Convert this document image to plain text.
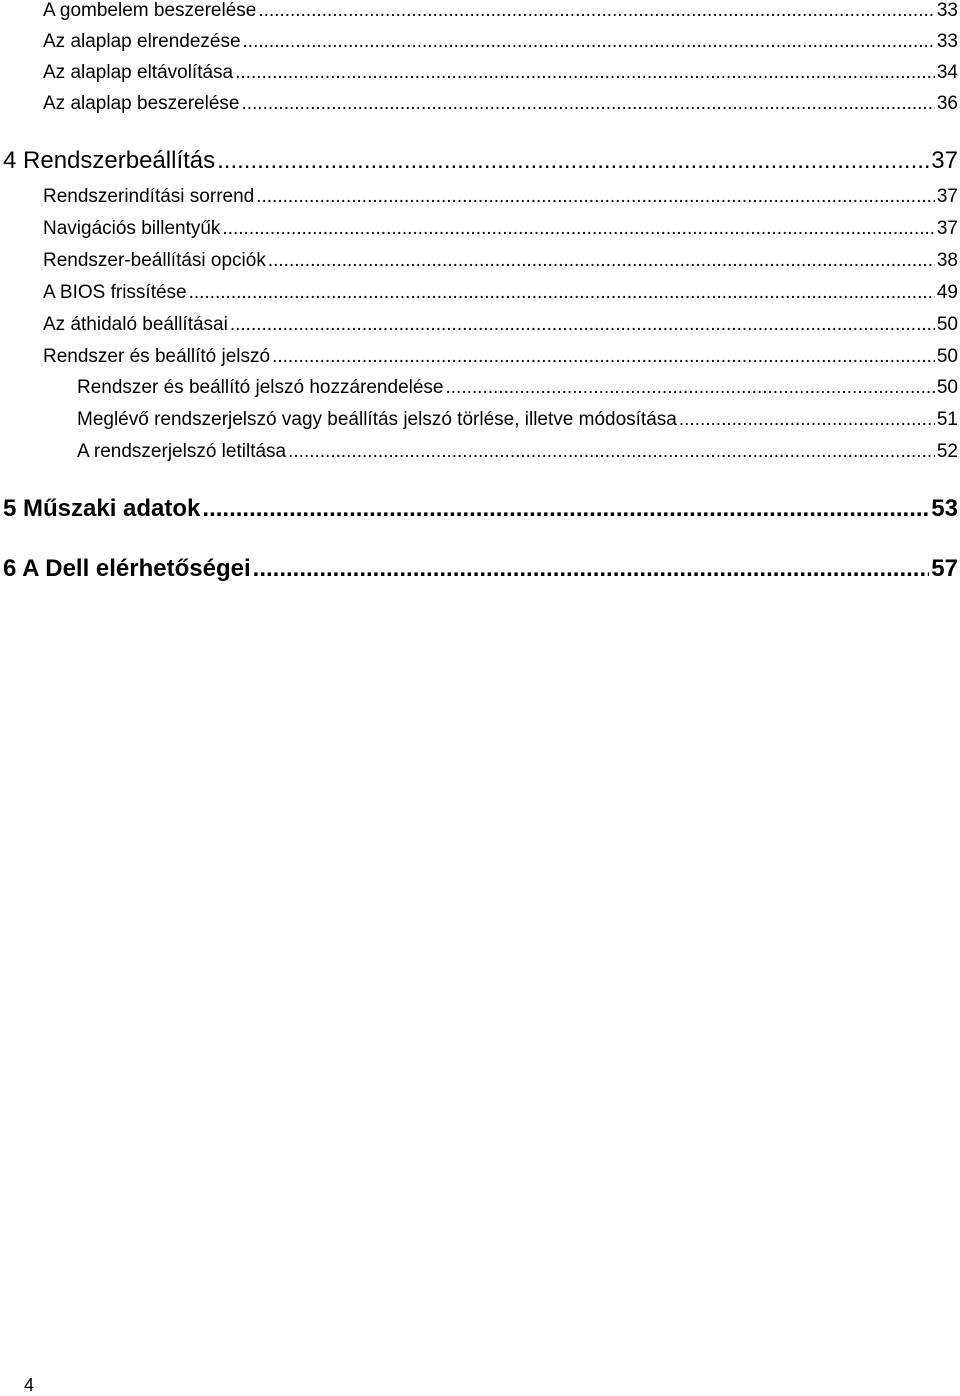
A gombelem beszerelése .....	33
Az alaplap elrendezése .....	33
Az alaplap eltávolítása .....	34
Az alaplap beszerelése .....	36
4 Rendszerbeállítás .....	37
Rendszerindítási sorrend .....	37
Navigációs billentyűk .....	37
Rendszer-beállítási opciók .....	38
A BIOS frissítése .....	49
Az áthidaló beállításai .....	50
Rendszer és beállító jelszó .....	50
Rendszer és beállító jelszó hozzárendelése .....	50
Meglévő rendszerjelszó vagy beállítás jelszó törlése, illetve módosítása .....	51
A rendszerjelszó letiltása .....	52
5 Műszaki adatok .....	53
6 A Dell elérhetőségei .....	57
4
